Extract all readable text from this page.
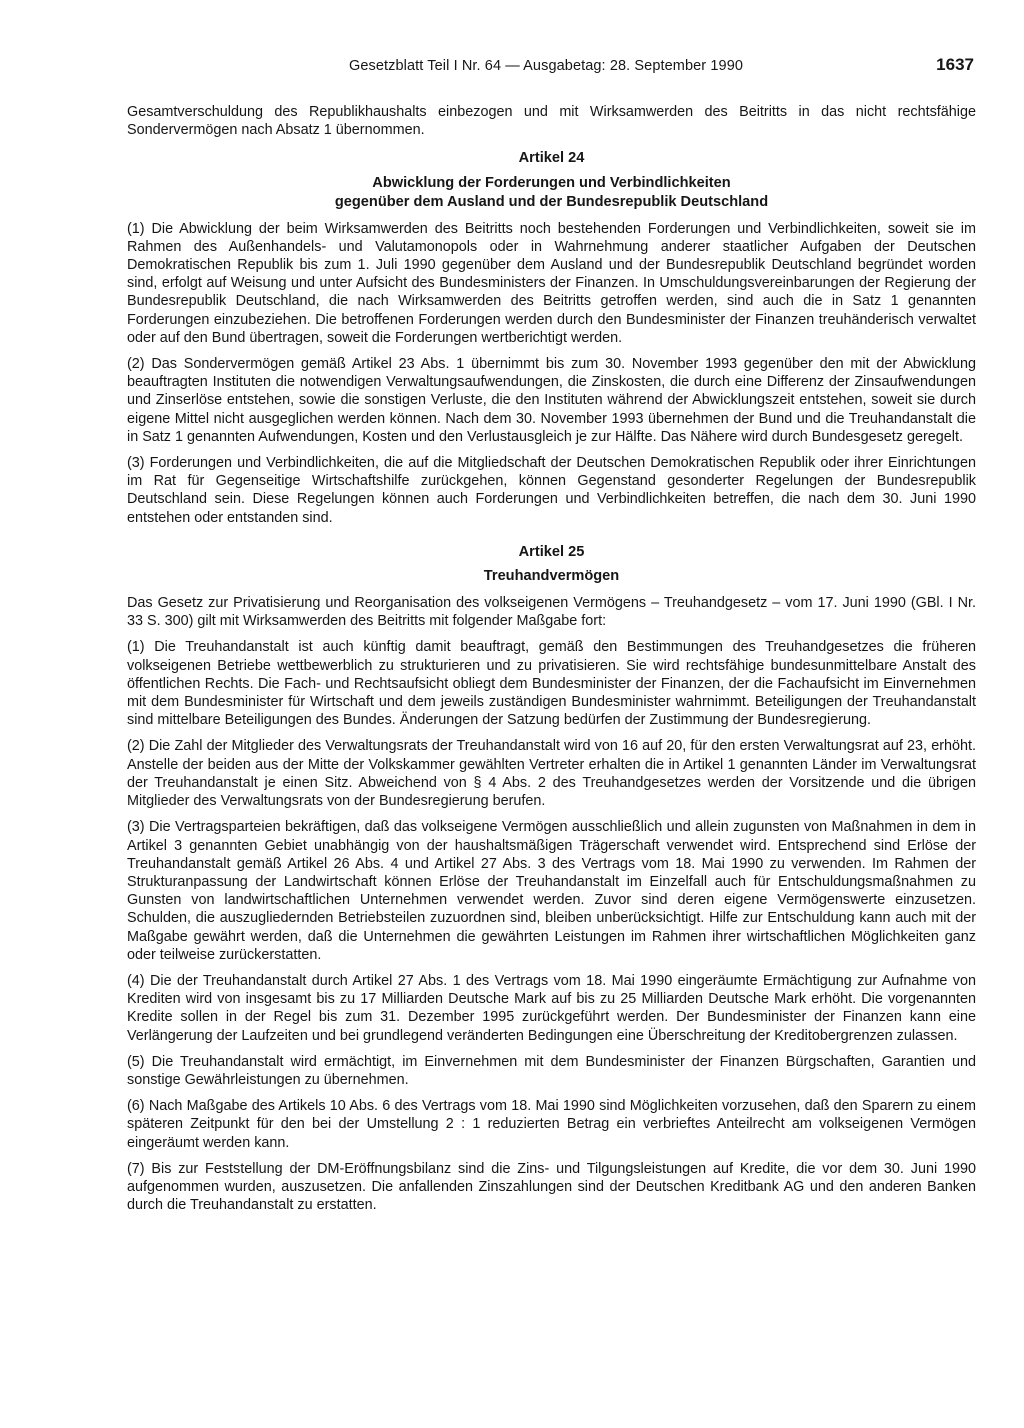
Gesetzblatt Teil I Nr. 64 — Ausgabetag: 28. September 1990	1637

Gesamtverschuldung des Republikhaushalts einbezogen und mit Wirksamwerden des Beitritts in das nicht rechtsfähige Sondervermögen nach Absatz 1 übernommen.

Artikel 24
Abwicklung der Forderungen und Verbindlichkeiten
gegenüber dem Ausland und der Bundesrepublik Deutschland

(1) Die Abwicklung der beim Wirksamwerden des Beitritts noch bestehenden Forderungen und Verbindlichkeiten, soweit sie im Rahmen des Außenhandels- und Valutamonopols oder in Wahrnehmung anderer staatlicher Aufgaben der Deutschen Demokratischen Republik bis zum 1. Juli 1990 gegenüber dem Ausland und der Bundesrepublik Deutschland begründet worden sind, erfolgt auf Weisung und unter Aufsicht des Bundesministers der Finanzen. In Umschuldungsvereinbarungen der Regierung der Bundesrepublik Deutschland, die nach Wirksamwerden des Beitritts getroffen werden, sind auch die in Satz 1 genannten Forderungen einzubeziehen. Die betroffenen Forderungen werden durch den Bundesminister der Finanzen treuhänderisch verwaltet oder auf den Bund übertragen, soweit die Forderungen wertberichtigt werden.

(2) Das Sondervermögen gemäß Artikel 23 Abs. 1 übernimmt bis zum 30. November 1993 gegenüber den mit der Abwicklung beauftragten Instituten die notwendigen Verwaltungsaufwendungen, die Zinskosten, die durch eine Differenz der Zinsaufwendungen und Zinserlöse entstehen, sowie die sonstigen Verluste, die den Instituten während der Abwicklungszeit entstehen, soweit sie durch eigene Mittel nicht ausgeglichen werden können. Nach dem 30. November 1993 übernehmen der Bund und die Treuhandanstalt die in Satz 1 genannten Aufwendungen, Kosten und den Verlustausgleich je zur Hälfte. Das Nähere wird durch Bundesgesetz geregelt.

(3) Forderungen und Verbindlichkeiten, die auf die Mitgliedschaft der Deutschen Demokratischen Republik oder ihrer Einrichtungen im Rat für Gegenseitige Wirtschaftshilfe zurückgehen, können Gegenstand gesonderter Regelungen der Bundesrepublik Deutschland sein. Diese Regelungen können auch Forderungen und Verbindlichkeiten betreffen, die nach dem 30. Juni 1990 entstehen oder entstanden sind.

Artikel 25
Treuhandvermögen

Das Gesetz zur Privatisierung und Reorganisation des volkseigenen Vermögens – Treuhandgesetz – vom 17. Juni 1990 (GBl. I Nr. 33 S. 300) gilt mit Wirksamwerden des Beitritts mit folgender Maßgabe fort:

(1) Die Treuhandanstalt ist auch künftig damit beauftragt, gemäß den Bestimmungen des Treuhandgesetzes die früheren volkseigenen Betriebe wettbewerblich zu strukturieren und zu privatisieren. Sie wird rechtsfähige bundesunmittelbare Anstalt des öffentlichen Rechts. Die Fach- und Rechtsaufsicht obliegt dem Bundesminister der Finanzen, der die Fachaufsicht im Einvernehmen mit dem Bundesminister für Wirtschaft und dem jeweils zuständigen Bundesminister wahrnimmt. Beteiligungen der Treuhandanstalt sind mittelbare Beteiligungen des Bundes. Änderungen der Satzung bedürfen der Zustimmung der Bundesregierung.

(2) Die Zahl der Mitglieder des Verwaltungsrats der Treuhandanstalt wird von 16 auf 20, für den ersten Verwaltungsrat auf 23, erhöht. Anstelle der beiden aus der Mitte der Volkskammer gewählten Vertreter erhalten die in Artikel 1 genannten Länder im Verwaltungsrat der Treuhandanstalt je einen Sitz. Abweichend von § 4 Abs. 2 des Treuhandgesetzes werden der Vorsitzende und die übrigen Mitglieder des Verwaltungsrats von der Bundesregierung berufen.

(3) Die Vertragsparteien bekräftigen, daß das volkseigene Vermögen ausschließlich und allein zugunsten von Maßnahmen in dem in Artikel 3 genannten Gebiet unabhängig von der haushaltsmäßigen Trägerschaft verwendet wird. Entsprechend sind Erlöse der Treuhandanstalt gemäß Artikel 26 Abs. 4 und Artikel 27 Abs. 3 des Vertrags vom 18. Mai 1990 zu verwenden. Im Rahmen der Strukturanpassung der Landwirtschaft können Erlöse der Treuhandanstalt im Einzelfall auch für Entschuldungsmaßnahmen zu Gunsten von landwirtschaftlichen Unternehmen verwendet werden. Zuvor sind deren eigene Vermögenswerte einzusetzen. Schulden, die auszugliedernden Betriebsteilen zuzuordnen sind, bleiben unberücksichtigt. Hilfe zur Entschuldung kann auch mit der Maßgabe gewährt werden, daß die Unternehmen die gewährten Leistungen im Rahmen ihrer wirtschaftlichen Möglichkeiten ganz oder teilweise zurückerstatten.

(4) Die der Treuhandanstalt durch Artikel 27 Abs. 1 des Vertrags vom 18. Mai 1990 eingeräumte Ermächtigung zur Aufnahme von Krediten wird von insgesamt bis zu 17 Milliarden Deutsche Mark auf bis zu 25 Milliarden Deutsche Mark erhöht. Die vorgenannten Kredite sollen in der Regel bis zum 31. Dezember 1995 zurückgeführt werden. Der Bundesminister der Finanzen kann eine Verlängerung der Laufzeiten und bei grundlegend veränderten Bedingungen eine Überschreitung der Kreditobergrenzen zulassen.

(5) Die Treuhandanstalt wird ermächtigt, im Einvernehmen mit dem Bundesminister der Finanzen Bürgschaften, Garantien und sonstige Gewährleistungen zu übernehmen.

(6) Nach Maßgabe des Artikels 10 Abs. 6 des Vertrags vom 18. Mai 1990 sind Möglichkeiten vorzusehen, daß den Sparern zu einem späteren Zeitpunkt für den bei der Umstellung 2 : 1 reduzierten Betrag ein verbrieftes Anteilrecht am volkseigenen Vermögen eingeräumt werden kann.

(7) Bis zur Feststellung der DM-Eröffnungsbilanz sind die Zins- und Tilgungsleistungen auf Kredite, die vor dem 30. Juni 1990 aufgenommen wurden, auszusetzen. Die anfallenden Zinszahlungen sind der Deutschen Kreditbank AG und den anderen Banken durch die Treuhandanstalt zu erstatten.
